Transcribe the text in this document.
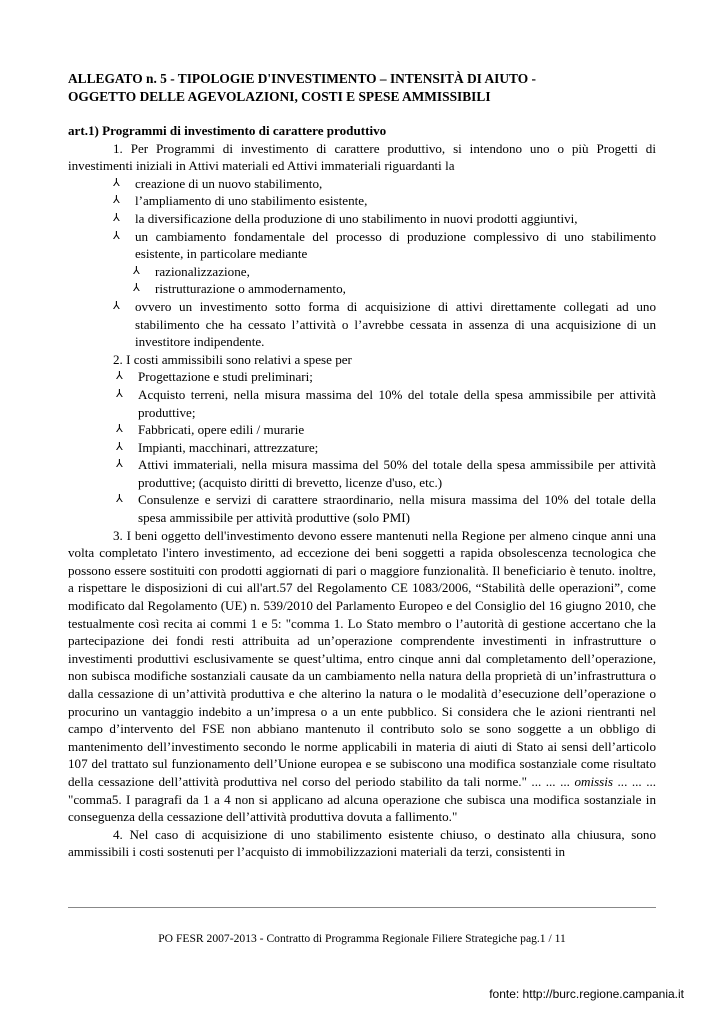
ALLEGATO n. 5 - TIPOLOGIE D'INVESTIMENTO – INTENSITÀ DI AIUTO -

OGGETTO DELLE AGEVOLAZIONI, COSTI E SPESE AMMISSIBILI

art.1) Programmi di investimento di carattere produttivo

1. Per Programmi di investimento di carattere produttivo, si intendono uno o più Progetti di investimenti iniziali in Attivi materiali ed Attivi immateriali riguardanti la

⅄ creazione di un nuovo stabilimento,
⅄ l’ampliamento di uno stabilimento esistente,
⅄ la diversificazione della produzione di uno stabilimento in nuovi prodotti aggiuntivi,
⅄ un cambiamento fondamentale del processo di produzione complessivo di uno stabilimento esistente, in particolare mediante
⅄ razionalizzazione,
⅄ ristrutturazione o ammodernamento,
⅄ ovvero un investimento sotto forma di acquisizione di attivi direttamente collegati ad uno stabilimento che ha cessato l’attività o l’avrebbe cessata in assenza di una acquisizione di un investitore indipendente.

2. I costi ammissibili sono relativi a spese per

⅄ Progettazione e studi preliminari;
⅄ Acquisto terreni, nella misura massima del 10% del totale della spesa ammissibile per attività produttive;
⅄ Fabbricati, opere edili / murarie
⅄ Impianti, macchinari, attrezzature;
⅄ Attivi immateriali, nella misura massima del 50% del totale della spesa ammissibile per attività produttive; (acquisto diritti di brevetto, licenze d'uso, etc.)
⅄ Consulenze e servizi di carattere straordinario, nella misura massima del 10% del totale della spesa ammissibile per attività produttive (solo PMI)

3. I beni oggetto dell'investimento devono essere mantenuti nella Regione per almeno cinque anni una volta completato l'intero investimento, ad eccezione dei beni soggetti a rapida obsolescenza tecnologica che possono essere sostituiti con prodotti aggiornati di pari o maggiore funzionalità. Il beneficiario è tenuto. inoltre, a rispettare le disposizioni di cui all'art.57 del Regolamento CE 1083/2006, “Stabilità delle operazioni”, come modificato dal Regolamento (UE) n. 539/2010 del Parlamento Europeo e del Consiglio del 16 giugno 2010, che testualmente così recita ai commi 1 e 5: "comma 1. Lo Stato membro o l’autorità di gestione accertano che la partecipazione dei fondi resti attribuita ad un’operazione comprendente investimenti in infrastrutture o investimenti produttivi esclusivamente se quest’ultima, entro cinque anni dal completamento dell’operazione, non subisca modifiche sostanziali causate da un cambiamento nella natura della proprietà di un’infrastruttura o dalla cessazione di un’attività produttiva e che alterino la natura o le modalità d’esecuzione dell’operazione o procurino un vantaggio indebito a un’impresa o a un ente pubblico. Si considera che le azioni rientranti nel campo d’intervento del FSE non abbiano mantenuto il contributo solo se sono soggette a un obbligo di mantenimento dell’investimento secondo le norme applicabili in materia di aiuti di Stato ai sensi dell’articolo 107 del trattato sul funzionamento dell’Unione europea e se subiscono una modifica sostanziale come risultato della cessazione dell’attività produttiva nel corso del periodo stabilito da tali norme." ... ... ... omissis ... ... ... "comma5. I paragrafi da 1 a 4 non si applicano ad alcuna operazione che subisca una modifica sostanziale in conseguenza della cessazione dell’attività produttiva dovuta a fallimento."

4. Nel caso di acquisizione di uno stabilimento esistente chiuso, o destinato alla chiusura, sono ammissibili i costi sostenuti per l’acquisto di immobilizzazioni materiali da terzi, consistenti in

PO FESR 2007-2013 - Contratto di Programma Regionale Filiere Strategiche pag.1 / 11
fonte: http://burc.regione.campania.it
